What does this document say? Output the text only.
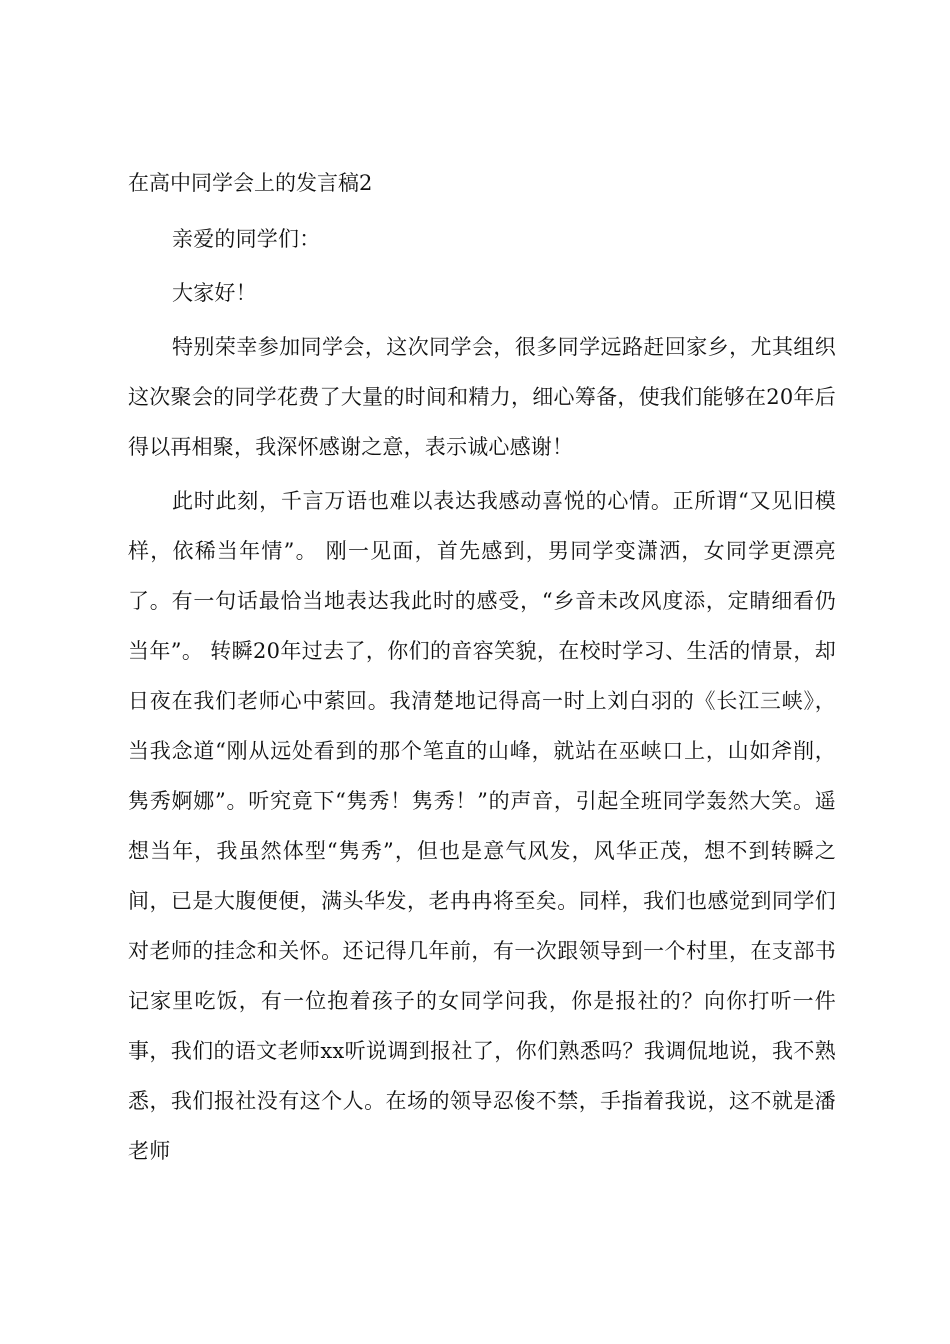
在高中同学会上的发言稿2

亲爱的同学们：

大家好！

特别荣幸参加同学会，这次同学会，很多同学远路赶回家乡，尤其组织这次聚会的同学花费了大量的时间和精力，细心筹备，使我们能够在20年后得以再相聚，我深怀感谢之意，表示诚心感谢！

此时此刻，千言万语也难以表达我感动喜悦的心情。正所谓“又见旧模样，依稀当年情”。 刚一见面，首先感到，男同学变潇洒，女同学更漂亮了。有一句话最恰当地表达我此时的感受，“乡音未改风度添，定睛细看仍当年”。 转瞬20年过去了，你们的音容笑貌，在校时学习、生活的情景，却日夜在我们老师心中萦回。我清楚地记得高一时上刘白羽的《长江三峡》，当我念道“刚从远处看到的那个笔直的山峰，就站在巫峡口上，山如斧削，隽秀婀娜”。听究竟下“隽秀！隽秀！”的声音，引起全班同学轰然大笑。遥想当年，我虽然体型“隽秀”，但也是意气风发，风华正茂，想不到转瞬之间，已是大腹便便，满头华发，老冉冉将至矣。同样，我们也感觉到同学们对老师的挂念和关怀。还记得几年前，有一次跟领导到一个村里，在支部书记家里吃饭，有一位抱着孩子的女同学问我，你是报社的？向你打听一件事，我们的语文老师xx听说调到报社了，你们熟悉吗？我调侃地说，我不熟悉，我们报社没有这个人。在场的领导忍俊不禁，手指着我说，这不就是潘老师
